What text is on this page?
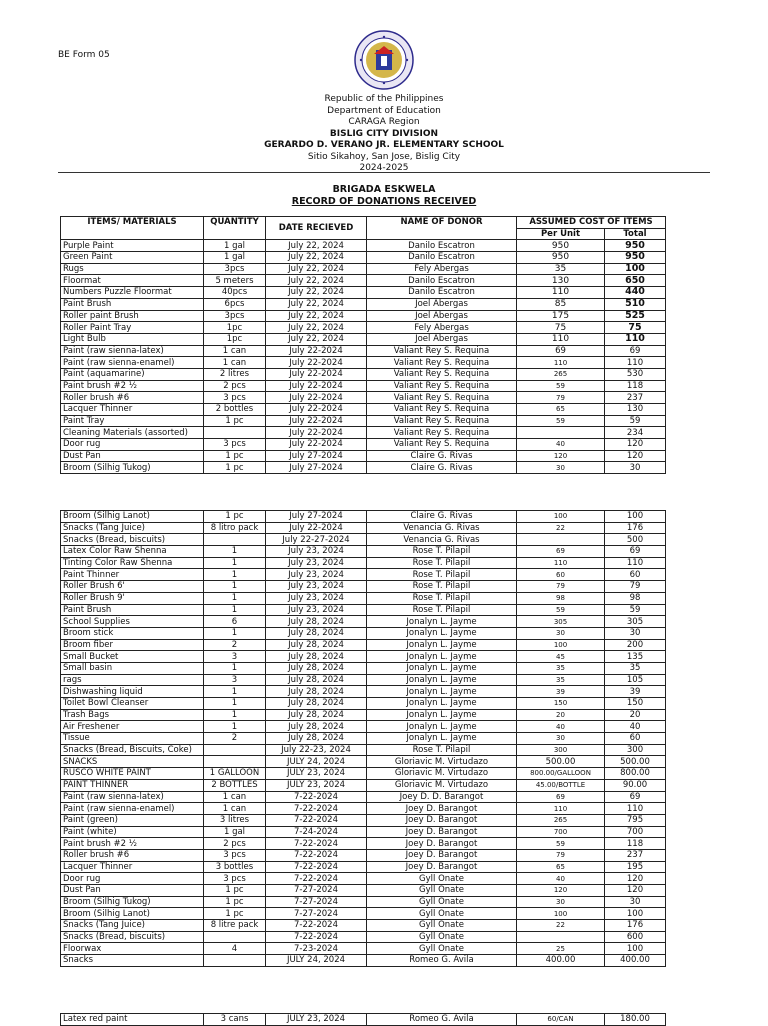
BE Form 05
Republic of the Philippines
Department of Education
CARAGA Region
BISLIG CITY DIVISION
GERARDO D. VERANO JR. ELEMENTARY SCHOOL
Sitio Sikahoy, San Jose, Bislig City
2024-2025
BRIGADA ESKWELA
RECORD OF DONATIONS RECEIVED
ITEMS/ MATERIALS	QUANTITY	DATE RECIEVED	NAME OF DONOR	ASSUMED COST OF ITEMS	
				Per Unit	Total
Purple Paint	1 gal	July 22, 2024	Danilo Escatron	950	950
Green Paint	1 gal	July 22, 2024	Danilo Escatron	950	950
Rugs	3pcs	July 22, 2024	Fely Abergas	35	100
Floormat	5 meters	July 22, 2024	Danilo Escatron	130	650
Numbers Puzzle Floormat	40pcs	July 22, 2024	Danilo Escatron	110	440
Paint Brush	6pcs	July 22, 2024	Joel Abergas	85	510
Roller paint Brush	3pcs	July 22, 2024	Joel Abergas	175	525
Roller Paint Tray	1pc	July 22, 2024	Fely Abergas	75	75
Light Bulb	1pc	July 22, 2024	Joel Abergas	110	110
Paint (raw sienna-latex)	1 can	July 22-2024	Valiant Rey S. Requina	69	69
Paint (raw sienna-enamel)	1 can	July 22-2024	Valiant Rey S. Requina	110	110
Paint (aquamarine)	2 litres	July 22-2024	Valiant Rey S. Requina	265	530
Paint brush #2 ½	2 pcs	July 22-2024	Valiant Rey S. Requina	59	118
Roller brush #6	3 pcs	July 22-2024	Valiant Rey S. Requina	79	237
Lacquer Thinner	2 bottles	July 22-2024	Valiant Rey S. Requina	65	130
Paint Tray	1 pc	July 22-2024	Valiant Rey S. Requina	59	59
Cleaning Materials (assorted)		July 22-2024	Valiant Rey S. Requina		234
Door rug	3 pcs	July 22-2024	Valiant Rey S. Requina	40	120
Dust Pan	1 pc	July 27-2024	Claire G. Rivas	120	120
Broom (Silhig Tukog)	1 pc	July 27-2024	Claire G. Rivas	30	30
Broom (Silhig Lanot)	1 pc	July 27-2024	Claire G. Rivas	100	100
Snacks (Tang Juice)	8 litro pack	July 22-2024	Venancia G. Rivas	22	176
Snacks (Bread, biscuits)		July 22-27-2024	Venancia G. Rivas		500
Latex Color Raw Shenna	1	July 23, 2024	Rose T. Pilapil	69	69
Tinting Color Raw Shenna	1	July 23, 2024	Rose T. Pilapil	110	110
Paint Thinner	1	July 23, 2024	Rose T. Pilapil	60	60
Roller Brush 6'	1	July 23, 2024	Rose T. Pilapil	79	79
Roller Brush 9'	1	July 23, 2024	Rose T. Pilapil	98	98
Paint Brush	1	July 23, 2024	Rose T. Pilapil	59	59
School Supplies	6	July 28, 2024	Jonalyn L. Jayme	305	305
Broom stick	1	July 28, 2024	Jonalyn L. Jayme	30	30
Broom fiber	2	July 28, 2024	Jonalyn L. Jayme	100	200
Small Bucket	3	July 28, 2024	Jonalyn L. Jayme	45	135
Small basin	1	July 28, 2024	Jonalyn L. Jayme	35	35
rags	3	July 28, 2024	Jonalyn L. Jayme	35	105
Dishwashing liquid	1	July 28, 2024	Jonalyn L. Jayme	39	39
Toilet Bowl Cleanser	1	July 28, 2024	Jonalyn L. Jayme	150	150
Trash Bags	1	July 28, 2024	Jonalyn L. Jayme	20	20
Air Freshener	1	July 28, 2024	Jonalyn L. Jayme	40	40
Tissue	2	July 28, 2024	Jonalyn L. Jayme	30	60
Snacks (Bread, Biscuits, Coke)		July 22-23, 2024	Rose T. Pilapil	300	300
SNACKS		JULY 24, 2024	Gloriavic M. Virtudazo	500.00	500.00
RUSCO WHITE PAINT	1 GALLOON	JULY 23, 2024	Gloriavic M. Virtudazo	800.00/GALLOON	800.00
PAINT THINNER	2 BOTTLES	JULY 23, 2024	Gloriavic M. Virtudazo	45.00/BOTTLE	90.00
Paint (raw sienna-latex)	1 can	7-22-2024	Joey D. D. Barangot	69	69
Paint (raw sienna-enamel)	1 can	7-22-2024	Joey D. Barangot	110	110
Paint (green)	3 litres	7-22-2024	Joey D. Barangot	265	795
Paint (white)	1 gal	7-24-2024	Joey D. Barangot	700	700
Paint brush #2 ½	2 pcs	7-22-2024	Joey D. Barangot	59	118
Roller brush #6	3 pcs	7-22-2024	Joey D. Barangot	79	237
Lacquer Thinner	3 bottles	7-22-2024	Joey D. Barangot	65	195
Door rug	3 pcs	7-22-2024	Gyll Onate	40	120
Dust Pan	1 pc	7-27-2024	Gyll Onate	120	120
Broom (Silhig Tukog)	1 pc	7-27-2024	Gyll Onate	30	30
Broom (Silhig Lanot)	1 pc	7-27-2024	Gyll Onate	100	100
Snacks (Tang Juice)	8 litre pack	7-22-2024	Gyll Onate	22	176
Snacks (Bread, biscuits)		7-22-2024	Gyll Onate		600
Floorwax	4	7-23-2024	Gyll Onate	25	100
Snacks		JULY 24, 2024	Romeo G. Avila	400.00	400.00
Latex red paint	3 cans	JULY 23, 2024	Romeo G. Avila	60/CAN	180.00
